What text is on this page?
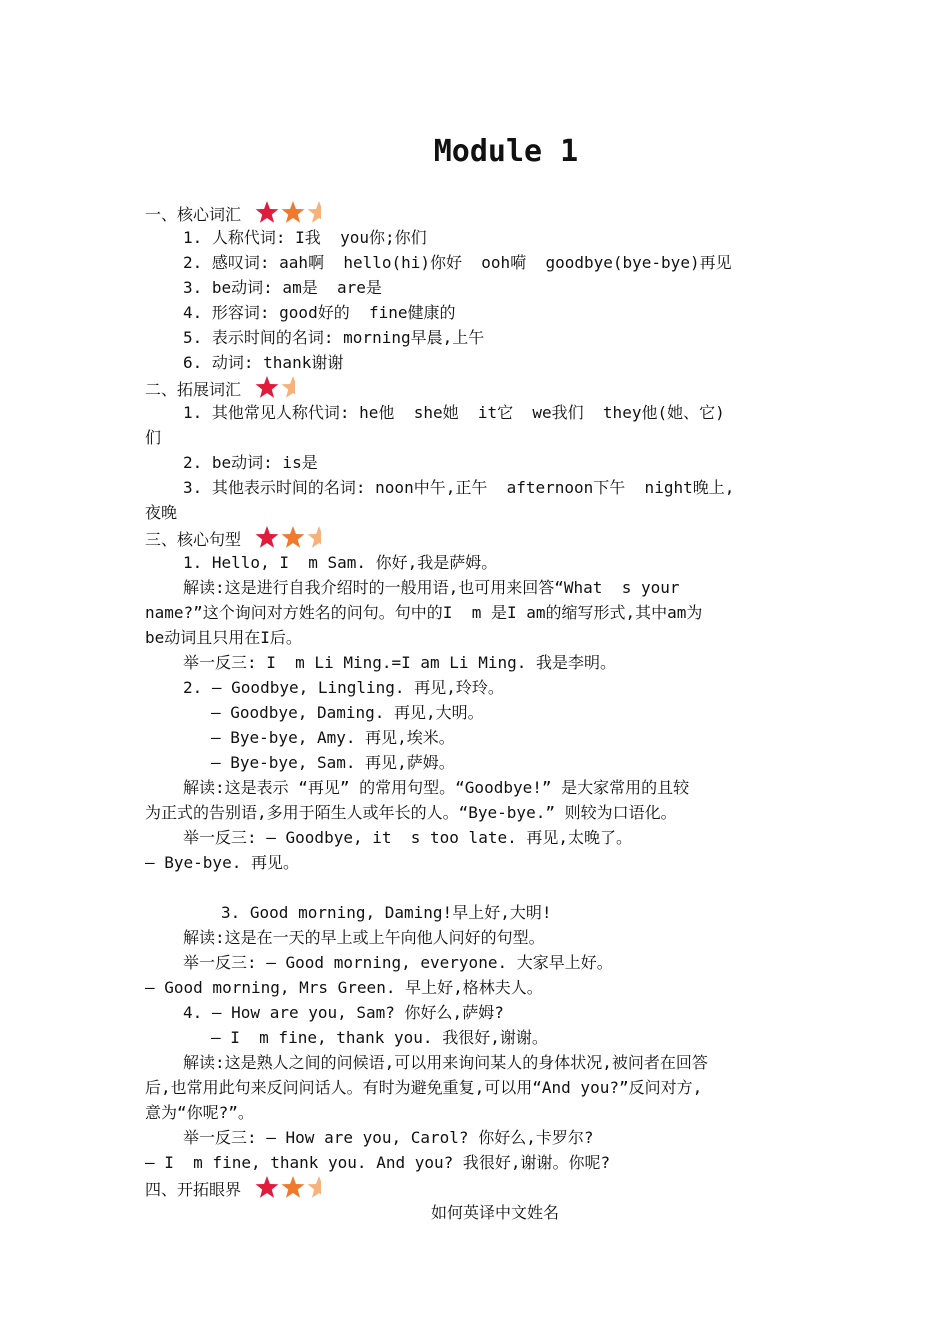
Module 1
一、核心词汇
1. 人称代词: I我  you你;你们
2. 感叹词: aah啊  hello(hi)你好  ooh嗬  goodbye(bye-bye)再见
3. be动词: am是  are是
4. 形容词: good好的  fine健康的
5. 表示时间的名词: morning早晨,上午
6. 动词: thank谢谢
二、拓展词汇
1. 其他常见人称代词: he他  she她  it它  we我们  they他(她、它)
们
2. be动词: is是
3. 其他表示时间的名词: noon中午,正午  afternoon下午  night晚上,
夜晚
三、核心句型
1. Hello, I  m Sam. 你好,我是萨姆。
解读:这是进行自我介绍时的一般用语,也可用来回答“What  s your
name?”这个询问对方姓名的问句。句中的I  m 是I am的缩写形式,其中am为
be动词且只用在I后。
举一反三: I  m Li Ming.=I am Li Ming. 我是李明。
2. — Goodbye, Lingling. 再见,玲玲。
— Goodbye, Daming. 再见,大明。
— Bye-bye, Amy. 再见,埃米。
— Bye-bye, Sam. 再见,萨姆。
解读:这是表示 “再见” 的常用句型。“Goodbye!” 是大家常用的且较
为正式的告别语,多用于陌生人或年长的人。“Bye-bye.” 则较为口语化。
举一反三: — Goodbye, it  s too late. 再见,太晚了。
— Bye-bye. 再见。
3. Good morning, Daming!早上好,大明!
解读:这是在一天的早上或上午向他人问好的句型。
举一反三: — Good morning, everyone. 大家早上好。
— Good morning, Mrs Green. 早上好,格林夫人。
4. — How are you, Sam? 你好么,萨姆?
— I  m fine, thank you. 我很好,谢谢。
解读:这是熟人之间的问候语,可以用来询问某人的身体状况,被问者在回答
后,也常用此句来反问问话人。有时为避免重复,可以用“And you?”反问对方,
意为“你呢?”。
举一反三: — How are you, Carol? 你好么,卡罗尔?
— I  m fine, thank you. And you? 我很好,谢谢。你呢?
四、开拓眼界
如何英译中文姓名
